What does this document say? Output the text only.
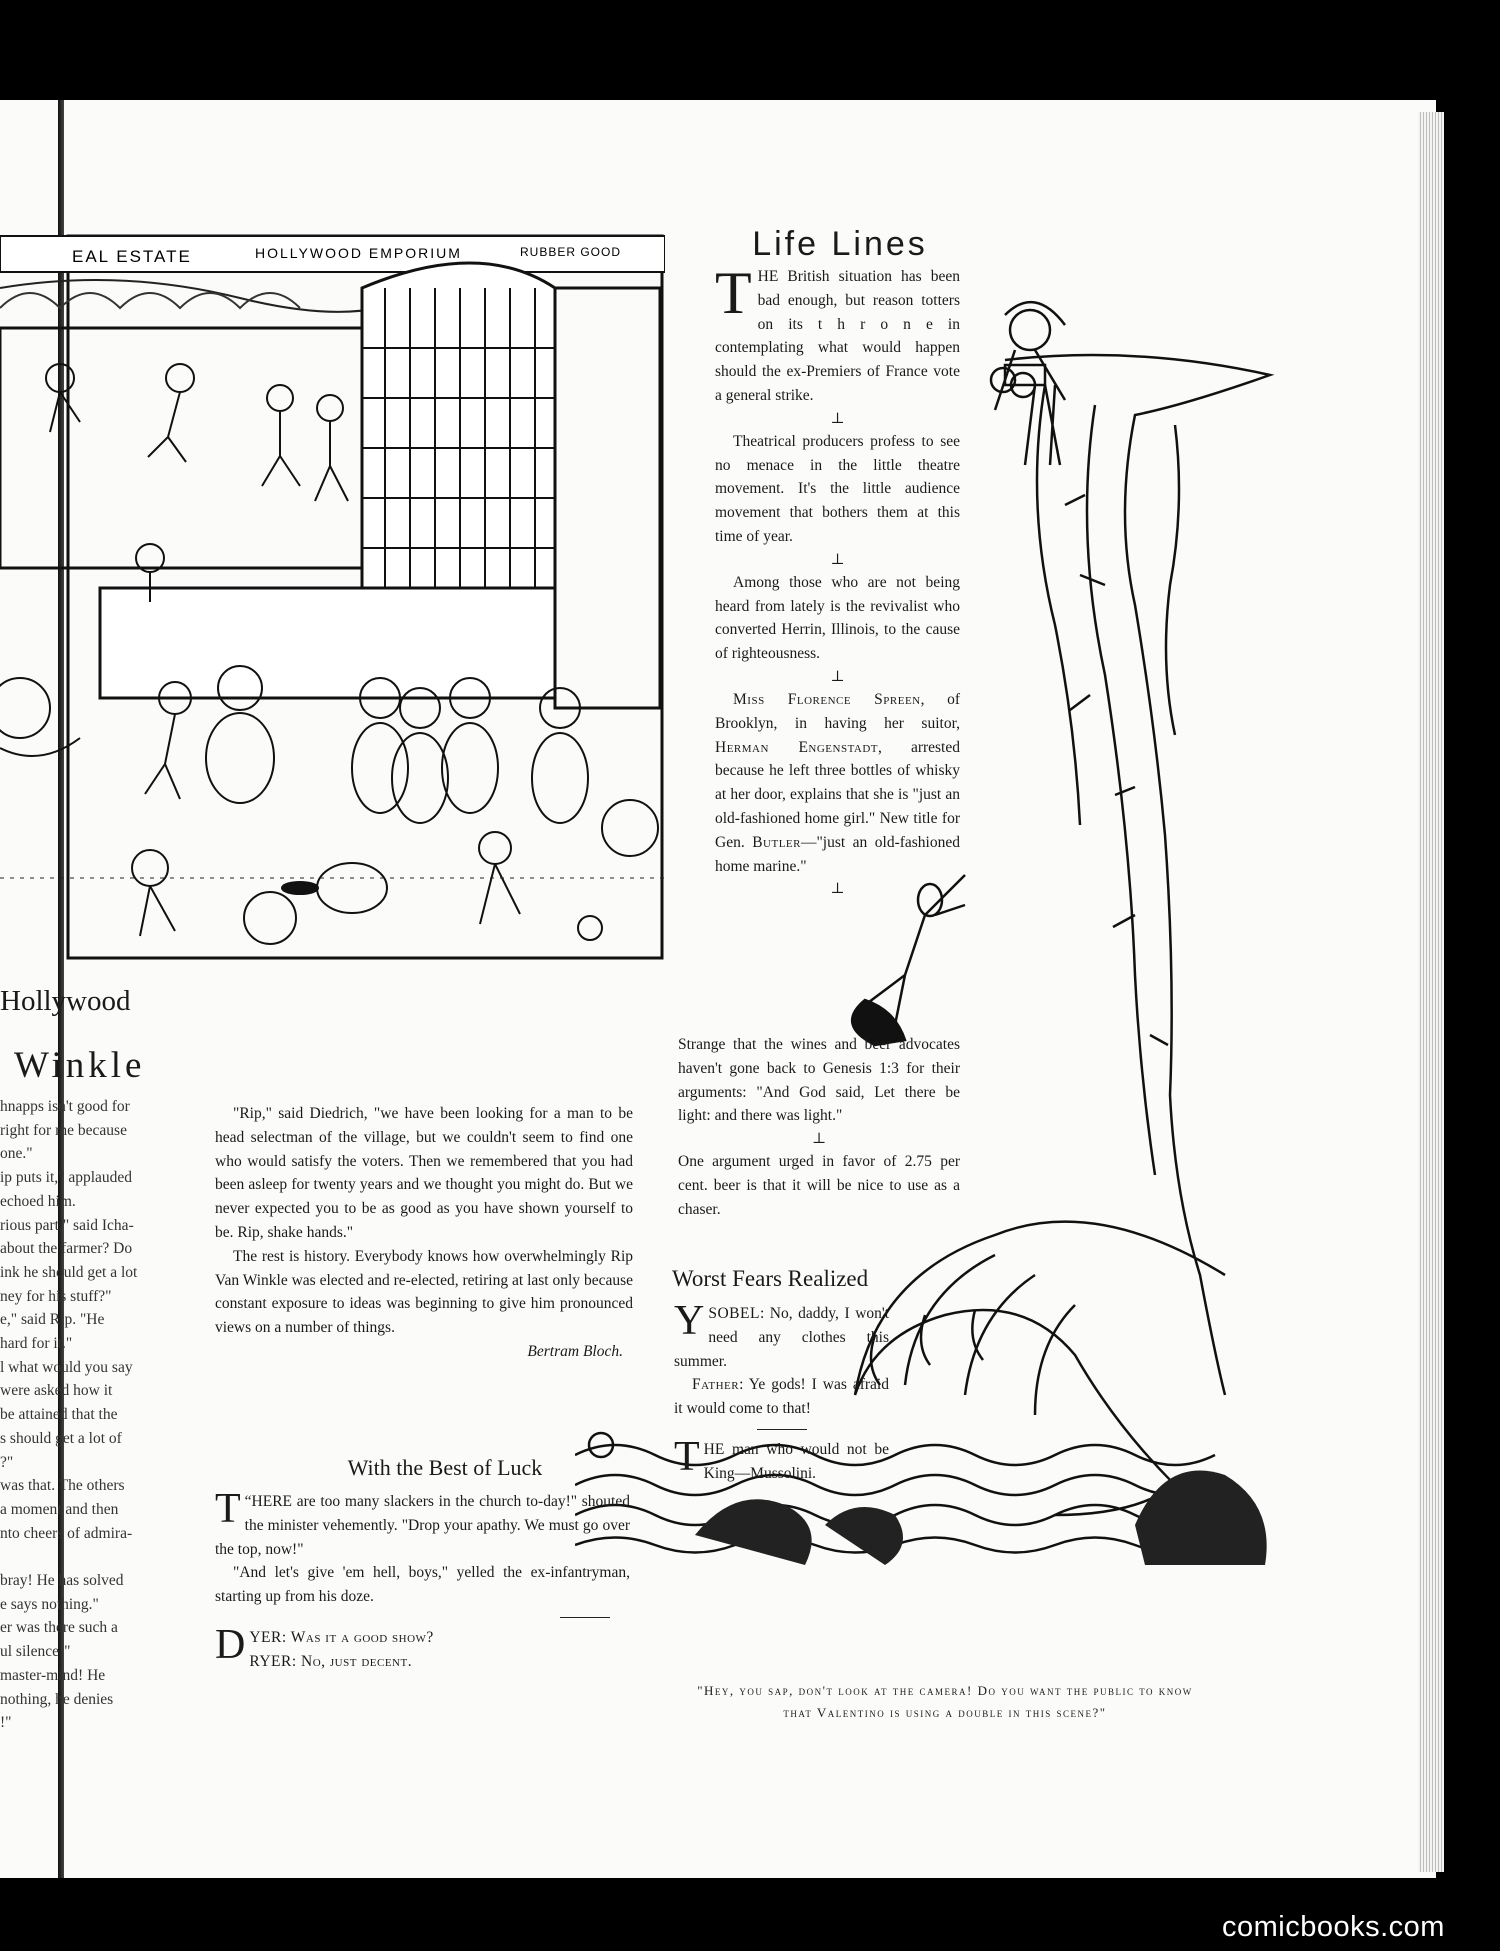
EAL ESTATE	HOLLYWOOD EMPORIUM	RUBBER GOOD	Life Lines

THE British situation has been bad enough, but reason totters on its t h r o n e in contemplating what would happen should the ex-Premiers of France vote a general strike.

⊥

Theatrical producers profess to see no menace in the little theatre movement. It's the little audience movement that bothers them at this time of year.

⊥

Among those who are not being heard from lately is the revivalist who converted Herrin, Illinois, to the cause of righteousness.

⊥

Miss Florence Spreen, of Brooklyn, in having her suitor, Herman Engenstadt, arrested because he left three bottles of whisky at her door, explains that she is "just an old-fashioned home girl." New title for Gen. Butler—"just an old-fashioned home marine."

⊥

Strange that the wines and beer advocates haven't gone back to Genesis 1:3 for their arguments: "And God said, Let there be light: and there was light."

⊥

One argument urged in favor of 2.75 per cent. beer is that it will be nice to use as a chaser.

Worst Fears Realized

YSOBEL: No, daddy, I won't need any clothes this summer.

Father: Ye gods! I was afraid it would come to that!

THE man who would not be King—Mussolini.

Hollywood
Winkle
hnapps isn't good for
right for me because
one."
ip puts it," applauded
echoed him.
rious part," said Icha-
about the farmer? Do
ink he should get a lot
ney for his stuff?"
e," said Rip. "He
hard for it."
l what would you say
were asked how it
be attained that the
s should get a lot of
?"
was that. The others
a moment and then
nto cheers of admira-

bray! He has solved
e says nothing."
er was there such a
ul silence!"
master-mind! He
nothing, he denies
!"

"Rip," said Diedrich, "we have been looking for a man to be head selectman of the village, but we couldn't seem to find one who would satisfy the voters. Then we remembered that you had been asleep for twenty years and we thought you might do. But we never expected you to be as good as you have shown yourself to be. Rip, shake hands."

The rest is history. Everybody knows how overwhelmingly Rip Van Winkle was elected and re-elected, retiring at last only because constant exposure to ideas was beginning to give him pronounced views on a number of things.

Bertram Bloch.

With the Best of Luck

“
T HERE are too many slackers in the church to-day!" shouted the minister vehemently. "Drop your apathy. We must go over the top, now!"

"And let's give 'em hell, boys," yelled the ex-infantryman, starting up from his doze.

DYER: Was it a good show?
RYER: No, just decent.

"Hey, you sap, don't look at the camera! Do you want the public to know
that Valentino is using a double in this scene?"
comicbooks.com
